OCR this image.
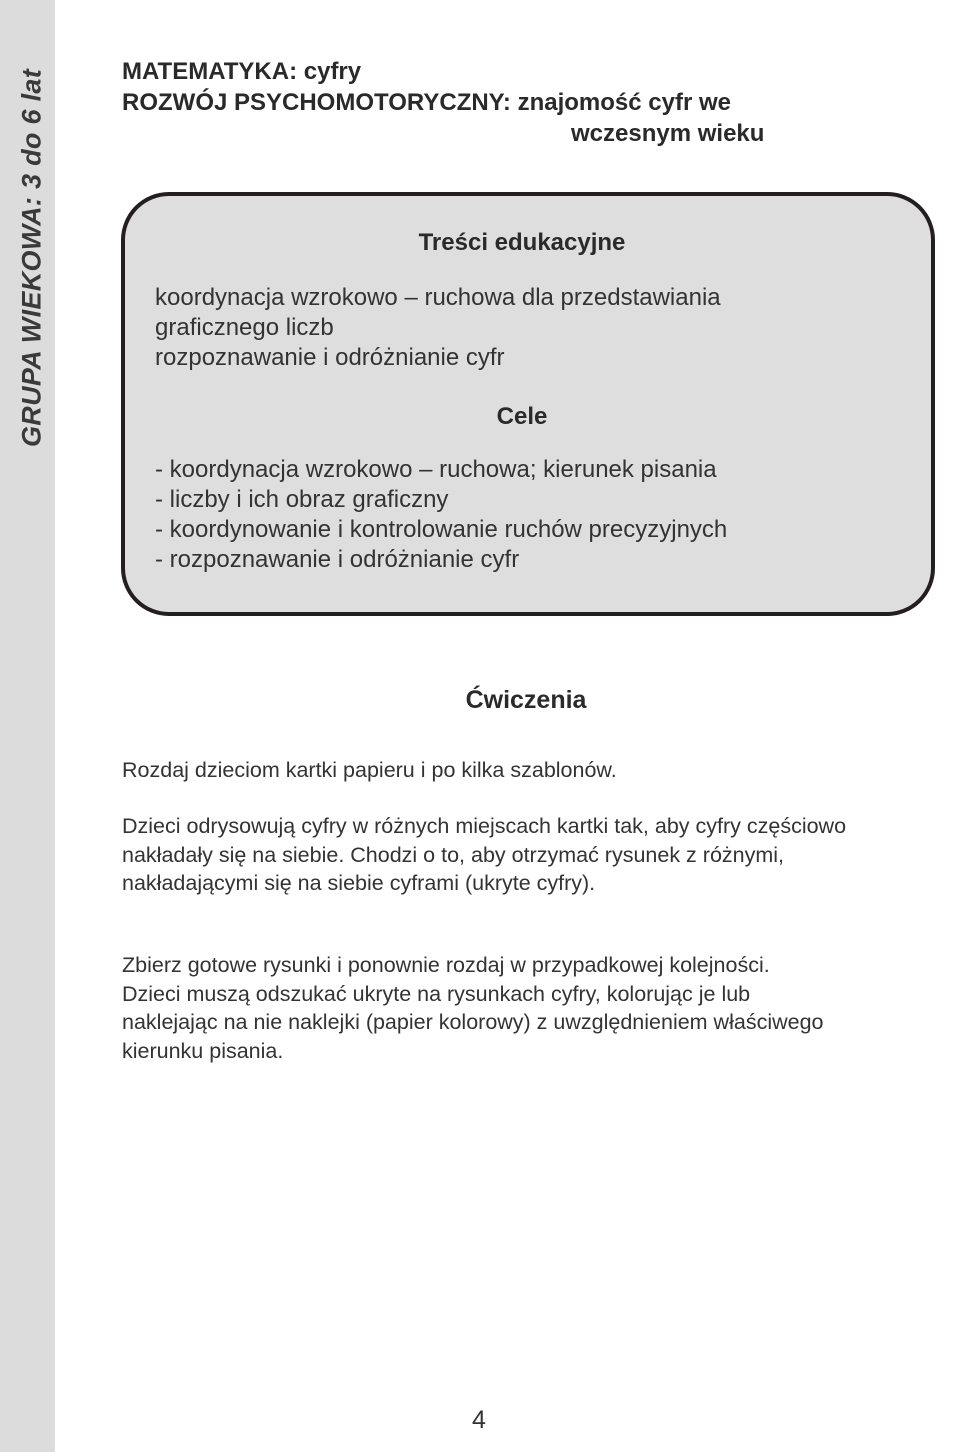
GRUPA WIEKOWA: 3 do 6 lat	MATEMATYKA: cyfry
ROZWÓJ PSYCHOMOTORYCZNY: znajomość cyfr we
wczesnym wieku
Treści edukacyjne
koordynacja wzrokowo – ruchowa dla przedstawiania
graficznego liczb
rozpoznawanie i odróżnianie cyfr
Cele
- koordynacja wzrokowo – ruchowa; kierunek pisania
- liczby i ich obraz graficzny
- koordynowanie i kontrolowanie ruchów precyzyjnych
- rozpoznawanie i odróżnianie cyfr
Ćwiczenia
Rozdaj dzieciom kartki papieru i po kilka szablonów.
Dzieci odrysowują cyfry w różnych miejscach kartki tak, aby cyfry częściowo
nakładały się na siebie. Chodzi o to, aby otrzymać rysunek z różnymi,
nakładającymi się na siebie cyframi (ukryte cyfry).
Zbierz gotowe rysunki i ponownie rozdaj w przypadkowej kolejności.
Dzieci muszą odszukać ukryte na rysunkach cyfry, kolorując je lub
naklejając na nie naklejki (papier kolorowy) z uwzględnieniem właściwego
kierunku pisania.
4
